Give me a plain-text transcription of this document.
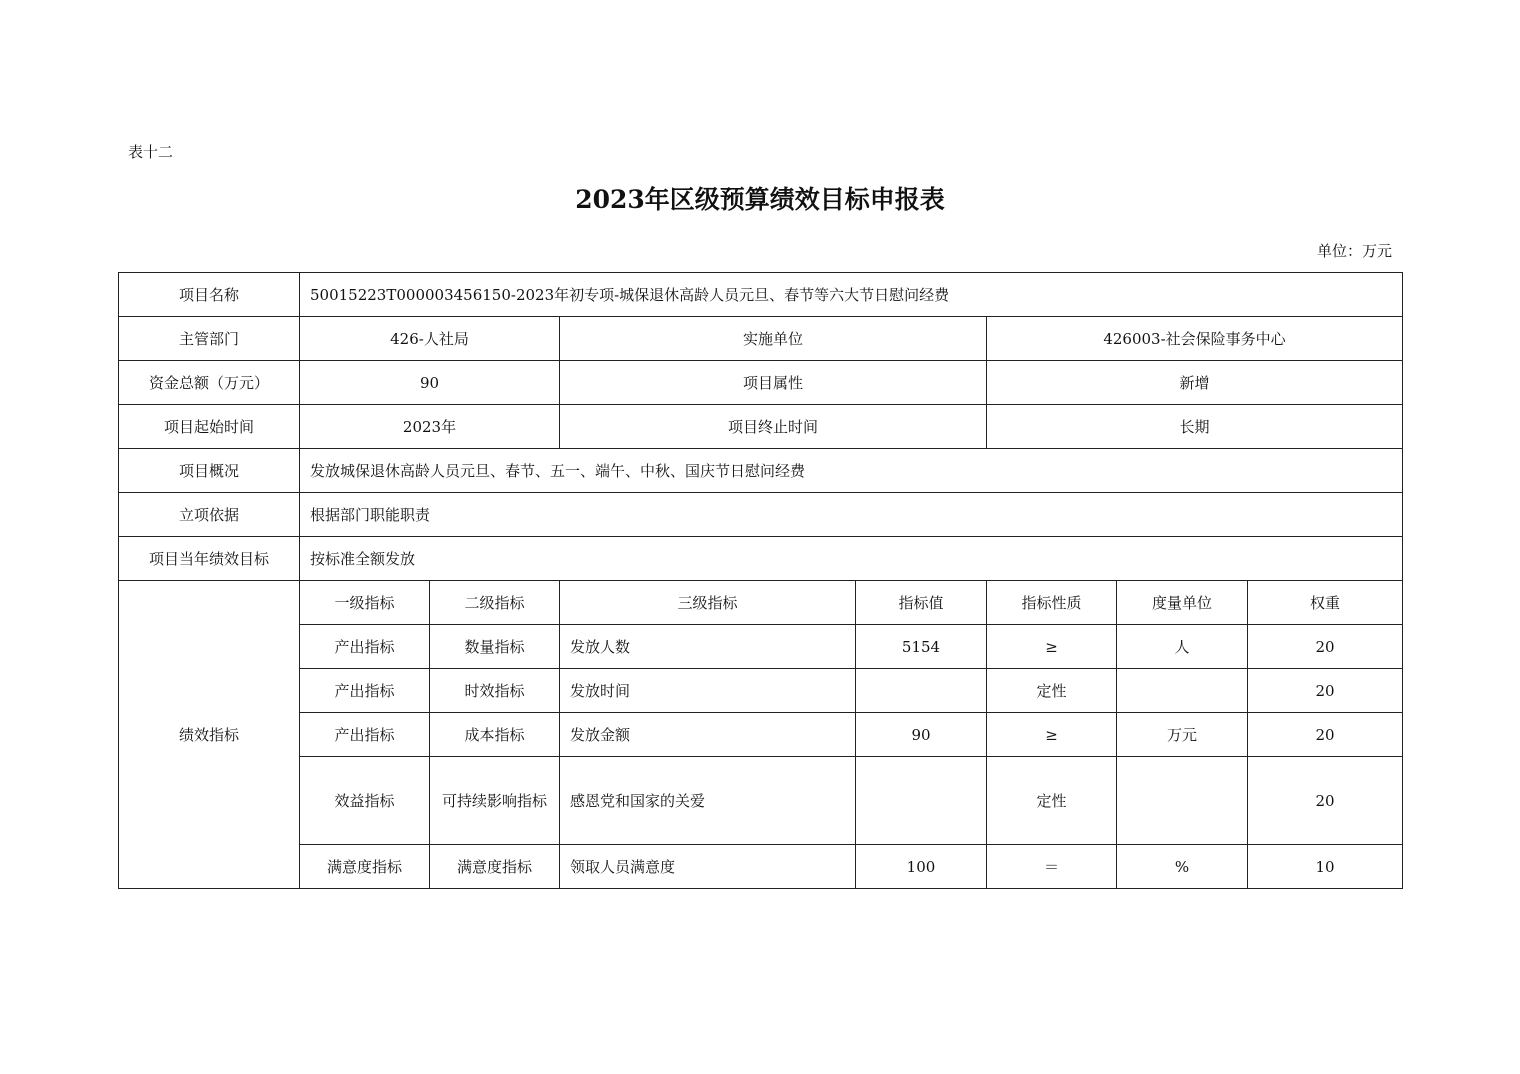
表十二
2023年区级预算绩效目标申报表
单位：万元
项目名称	50015223T000003456150-2023年初专项-城保退休高龄人员元旦、春节等六大节日慰问经费						
主管部门	426-人社局		实施单位		426003-社会保险事务中心		
资金总额（万元）	90		项目属性		新增		
项目起始时间	2023年		项目终止时间		长期		
项目概况	发放城保退休高龄人员元旦、春节、五一、端午、中秋、国庆节日慰问经费						
立项依据	根据部门职能职责						
项目当年绩效目标	按标准全额发放						
绩效指标	一级指标	二级指标	三级指标	指标值	指标性质	度量单位	权重
	产出指标	数量指标	发放人数	5154	≥	人	20
	产出指标	时效指标	发放时间		定性		20
	产出指标	成本指标	发放金额	90	≥	万元	20
	效益指标	可持续影响指标	感恩党和国家的关爱		定性		20
	满意度指标	满意度指标	领取人员满意度	100	＝	%	10
